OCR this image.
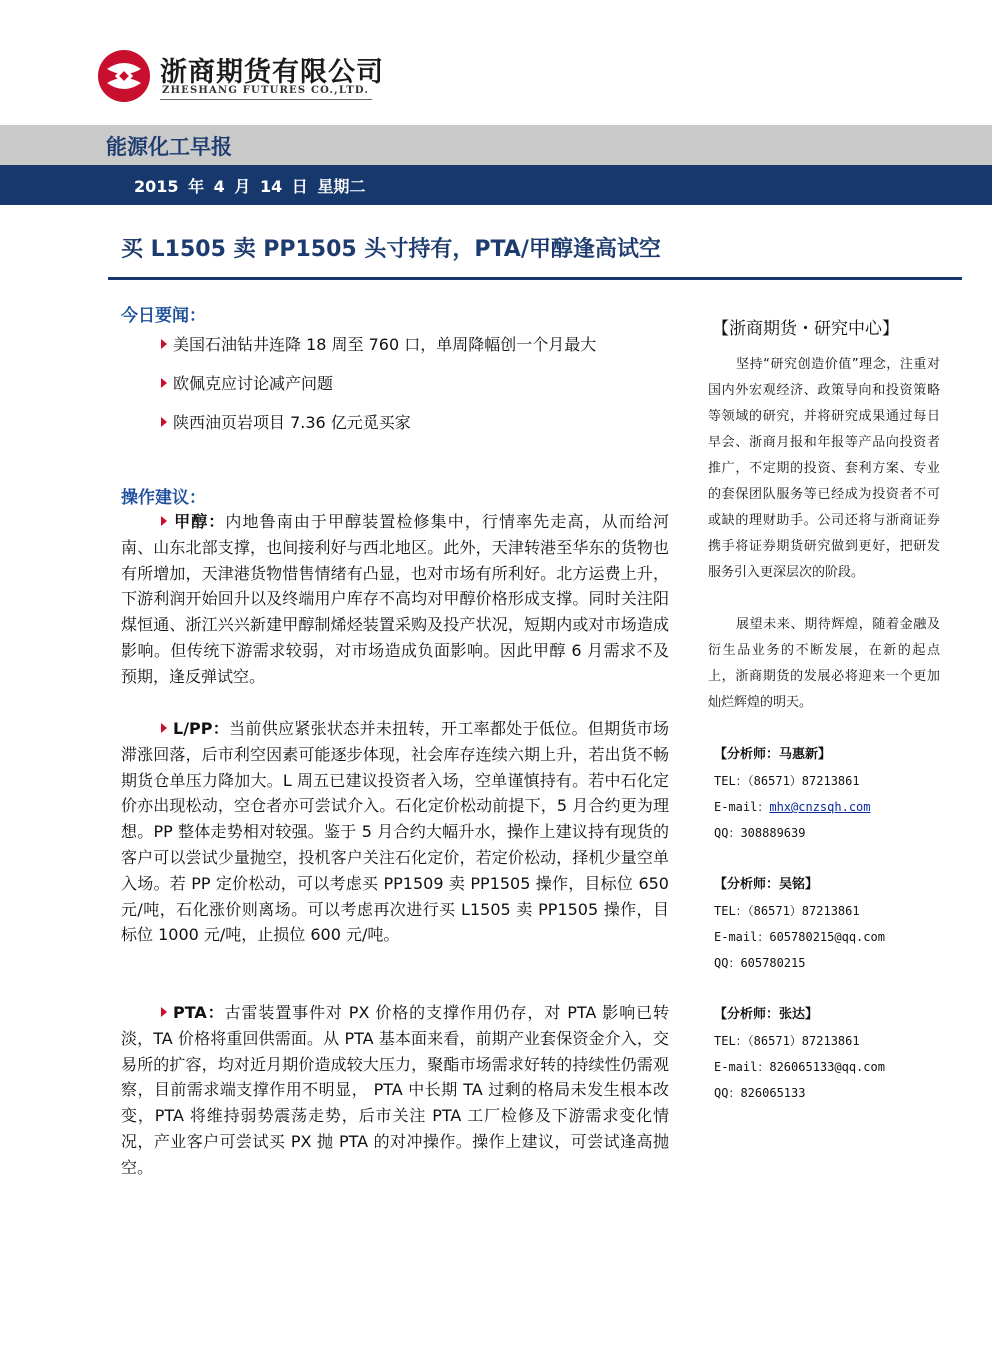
浙商期货有限公司
ZHESHANG FUTURES CO.,LTD.
能源化工早报
2015 年 4 月 14 日 星期二
买 L1505 卖 PP1505 头寸持有，PTA/甲醇逢高试空
今日要闻：
美国石油钻井连降 18 周至 760 口，单周降幅创一个月最大
欧佩克应讨论减产问题
陕西油页岩项目 7.36 亿元觅买家
操作建议：

甲醇：内地鲁南由于甲醇装置检修集中，行情率先走高，从而给河南、山东北部支撑，也间接利好与西北地区。此外，天津转港至华东的货物也有所增加，天津港货物惜售情绪有凸显，也对市场有所利好。北方运费上升，下游利润开始回升以及终端用户库存不高均对甲醇价格形成支撑。同时关注阳煤恒通、浙江兴兴新建甲醇制烯烃装置采购及投产状况，短期内或对市场造成影响。但传统下游需求较弱，对市场造成负面影响。因此甲醇 6 月需求不及预期，逢反弹试空。

L/PP：当前供应紧张状态并未扭转，开工率都处于低位。但期货市场滞涨回落，后市利空因素可能逐步体现，社会库存连续六期上升，若出货不畅期货仓单压力降加大。L 周五已建议投资者入场，空单谨慎持有。若中石化定价亦出现松动，空仓者亦可尝试介入。石化定价松动前提下，5 月合约更为理想。PP 整体走势相对较强。鉴于 5 月合约大幅升水，操作上建议持有现货的客户可以尝试少量抛空，投机客户关注石化定价，若定价松动，择机少量空单入场。若 PP 定价松动，可以考虑买 PP1509 卖 PP1505 操作，目标位 650 元/吨，石化涨价则离场。可以考虑再次进行买 L1505 卖 PP1505 操作，目标位 1000 元/吨，止损位 600 元/吨。

PTA：古雷装置事件对 PX 价格的支撑作用仍存，对 PTA 影响已转淡，TA 价格将重回供需面。从 PTA 基本面来看，前期产业套保资金介入，交易所的扩容，均对近月期价造成较大压力，聚酯市场需求好转的持续性仍需观察，目前需求端支撑作用不明显， PTA 中长期 TA 过剩的格局未发生根本改变，PTA 将维持弱势震荡走势，后市关注 PTA 工厂检修及下游需求变化情况，产业客户可尝试买 PX 抛 PTA 的对冲操作。操作上建议，可尝试逢高抛空。

【浙商期货・研究中心】

坚持“研究创造价值”理念，注重对国内外宏观经济、政策导向和投资策略等领域的研究，并将研究成果通过每日早会、浙商月报和年报等产品向投资者推广，不定期的投资、套利方案、专业的套保团队服务等已经成为投资者不可或缺的理财助手。公司还将与浙商证券携手将证券期货研究做到更好，把研发服务引入更深层次的阶段。

展望未来、期待辉煌，随着金融及衍生品业务的不断发展，在新的起点上，浙商期货的发展必将迎来一个更加灿烂辉煌的明天。

【分析师：马惠新】
TEL：（86571）87213861
E-mail：mhx@cnzsqh.com
QQ：308889639
【分析师：吴铭】
TEL：（86571）87213861
E-mail：605780215@qq.com
QQ：605780215
【分析师：张达】
TEL：（86571）87213861
E-mail：826065133@qq.com
QQ：826065133
